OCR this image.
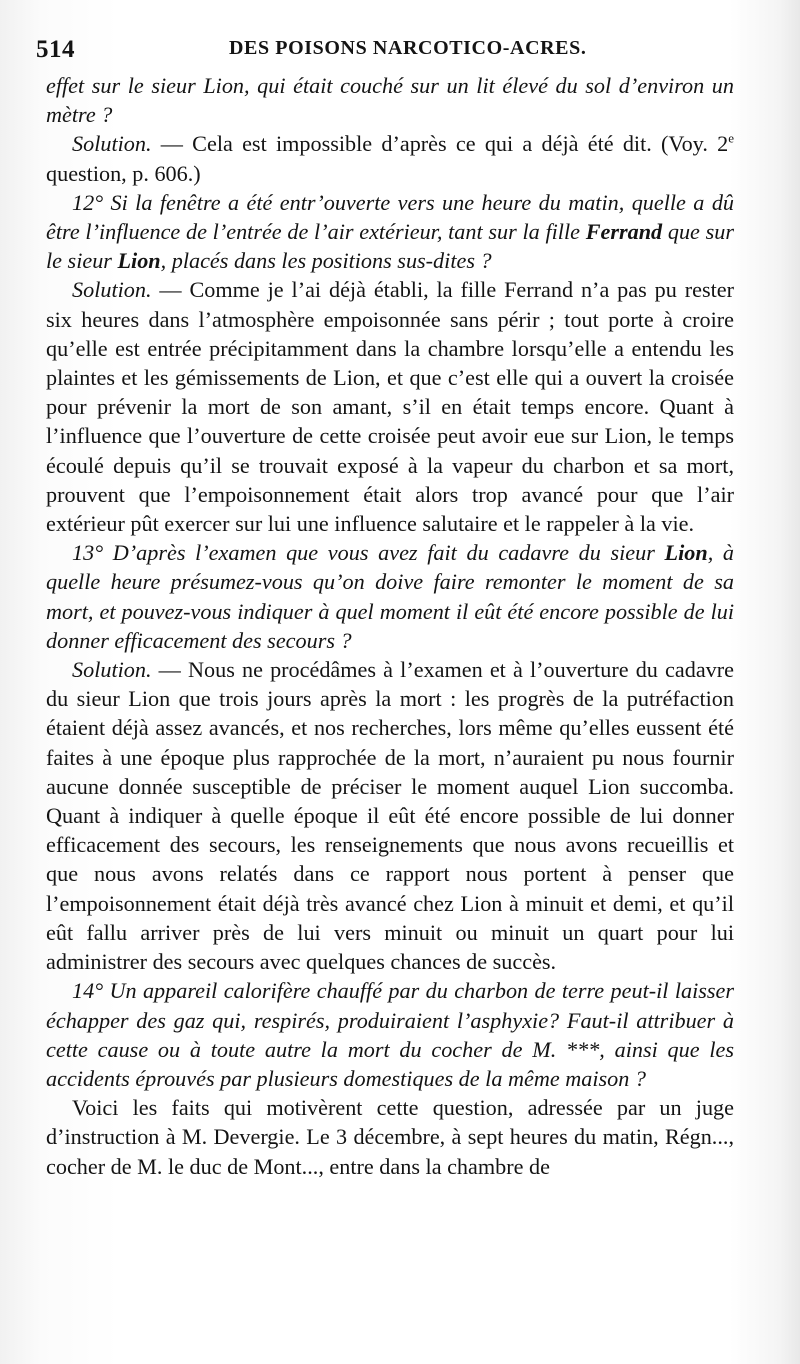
514	DES POISONS NARCOTICO-ACRES.

effet sur le sieur Lion, qui était couché sur un lit élevé du sol d’environ un mètre ?

Solution. — Cela est impossible d’après ce qui a déjà été dit. (Voy. 2e question, p. 606.)

12° Si la fenêtre a été entr’ouverte vers une heure du matin, quelle a dû être l’influence de l’entrée de l’air extérieur, tant sur la fille Ferrand que sur le sieur Lion, placés dans les positions sus-dites ?

Solution. — Comme je l’ai déjà établi, la fille Ferrand n’a pas pu rester six heures dans l’atmosphère empoisonnée sans périr ; tout porte à croire qu’elle est entrée précipitamment dans la chambre lorsqu’elle a entendu les plaintes et les gémissements de Lion, et que c’est elle qui a ouvert la croisée pour prévenir la mort de son amant, s’il en était temps encore. Quant à l’influence que l’ouverture de cette croisée peut avoir eue sur Lion, le temps écoulé depuis qu’il se trouvait exposé à la vapeur du charbon et sa mort, prouvent que l’empoisonnement était alors trop avancé pour que l’air extérieur pût exercer sur lui une influence salutaire et le rappeler à la vie.

13° D’après l’examen que vous avez fait du cadavre du sieur Lion, à quelle heure présumez-vous qu’on doive faire remonter le moment de sa mort, et pouvez-vous indiquer à quel moment il eût été encore possible de lui donner efficacement des secours ?

Solution. — Nous ne procédâmes à l’examen et à l’ouverture du cadavre du sieur Lion que trois jours après la mort : les progrès de la putréfaction étaient déjà assez avancés, et nos recherches, lors même qu’elles eussent été faites à une époque plus rapprochée de la mort, n’auraient pu nous fournir aucune donnée susceptible de préciser le moment auquel Lion succomba. Quant à indiquer à quelle époque il eût été encore possible de lui donner efficacement des secours, les renseignements que nous avons recueillis et que nous avons relatés dans ce rapport nous portent à penser que l’empoisonnement était déjà très avancé chez Lion à minuit et demi, et qu’il eût fallu arriver près de lui vers minuit ou minuit un quart pour lui administrer des secours avec quelques chances de succès.

14° Un appareil calorifère chauffé par du charbon de terre peut-il laisser échapper des gaz qui, respirés, produiraient l’asphyxie? Faut-il attribuer à cette cause ou à toute autre la mort du cocher de M. ***, ainsi que les accidents éprouvés par plusieurs domestiques de la même maison ?

Voici les faits qui motivèrent cette question, adressée par un juge d’instruction à M. Devergie. Le 3 décembre, à sept heures du matin, Régn..., cocher de M. le duc de Mont..., entre dans la chambre de
